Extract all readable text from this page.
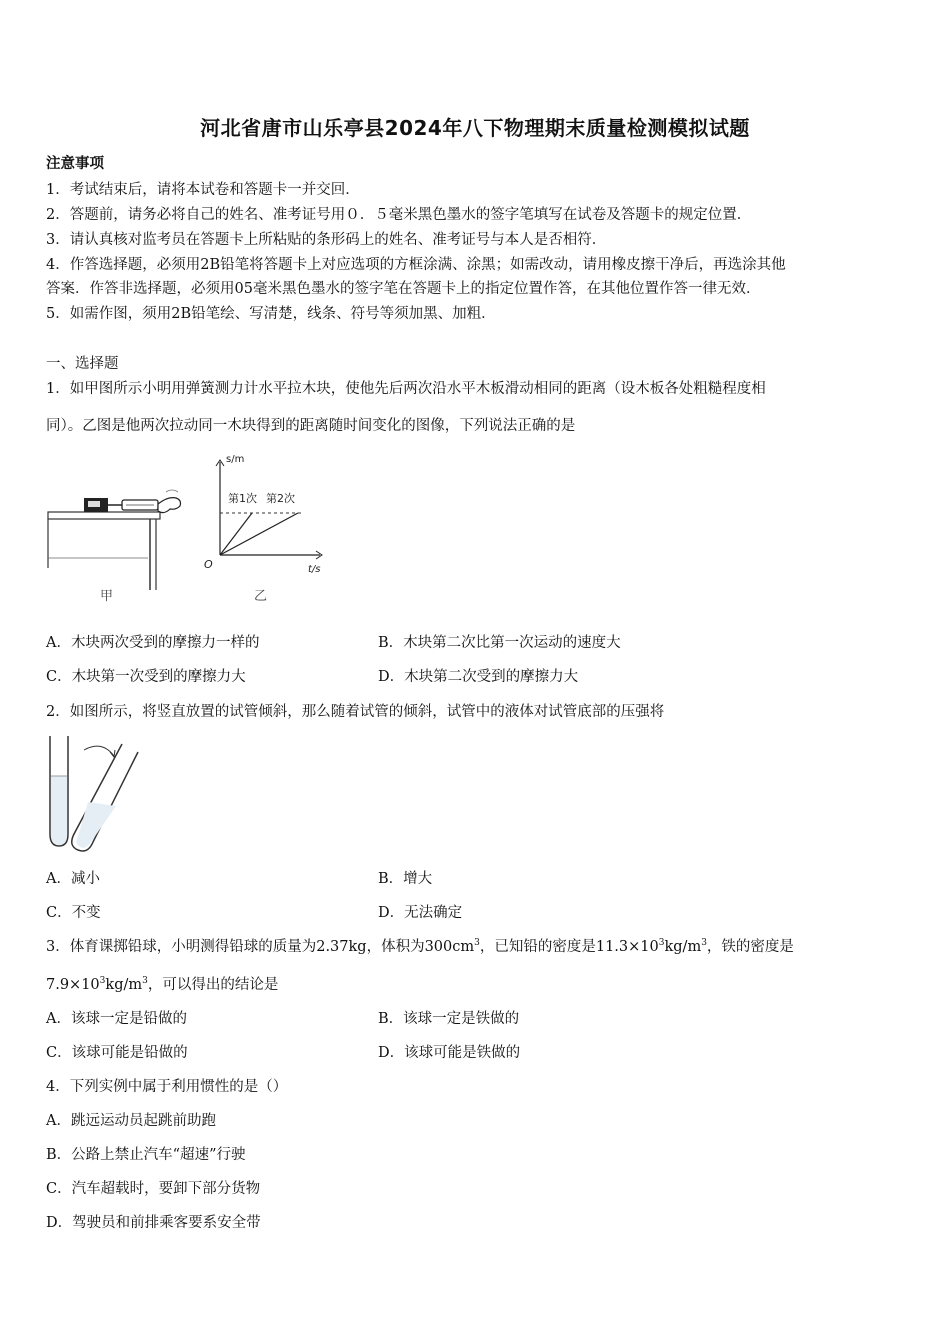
河北省唐市山乐亭县2024年八下物理期末质量检测模拟试题
注意事项
1．考试结束后，请将本试卷和答题卡一并交回．
2．答题前，请务必将自己的姓名、准考证号用０．５毫米黑色墨水的签字笔填写在试卷及答题卡的规定位置．
3．请认真核对监考员在答题卡上所粘贴的条形码上的姓名、准考证号与本人是否相符．
4．作答选择题，必须用2B铅笔将答题卡上对应选项的方框涂满、涂黑；如需改动，请用橡皮擦干净后，再选涂其他
答案．作答非选择题，必须用05毫米黑色墨水的签字笔在答题卡上的指定位置作答，在其他位置作答一律无效．
5．如需作图，须用2B铅笔绘、写清楚，线条、符号等须加黑、加粗．
一、选择题
1．如甲图所示小明用弹簧测力计水平拉木块，使他先后两次沿水平木板滑动相同的距离（设木板各处粗糙程度相
同）。乙图是他两次拉动同一木块得到的距离随时间变化的图像，下列说法正确的是
甲
s/m
t/s
O
第1次 第2次
乙
A．木块两次受到的摩擦力一样的	B．木块第二次比第一次运动的速度大
C．木块第一次受到的摩擦力大	D．木块第二次受到的摩擦力大
2．如图所示，将竖直放置的试管倾斜，那么随着试管的倾斜，试管中的液体对试管底部的压强将
A．减小	B．增大
C．不变	D．无法确定
3．体育课掷铅球，小明测得铅球的质量为2.37kg，体积为$300cm^3$，已知铅的密度是$11.3\times 10^3kg/m^3$，铁的密度是
$7.9\times 10^3kg/m^3$，可以得出的结论是
A．该球一定是铅做的	B．该球一定是铁做的
C．该球可能是铅做的	D．该球可能是铁做的
4．下列实例中属于利用惯性的是（）
A．跳远运动员起跳前助跑
B．公路上禁止汽车“超速”行驶
C．汽车超载时，要卸下部分货物
D．驾驶员和前排乘客要系安全带
